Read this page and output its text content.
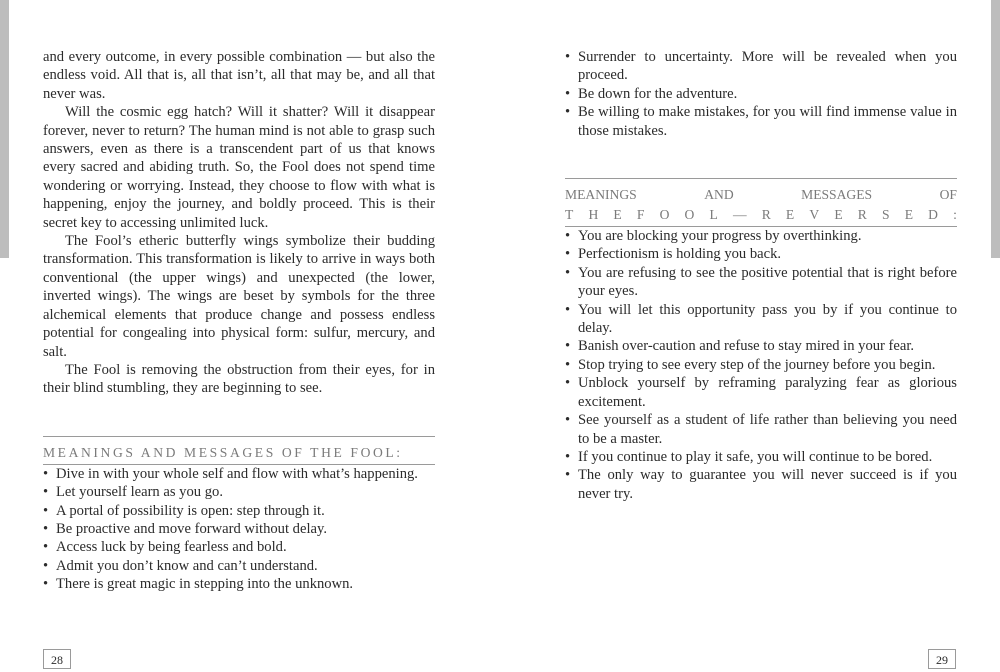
and every outcome, in every possible combination — but also the endless void. All that is, all that isn’t, all that may be, and all that never was.

Will the cosmic egg hatch? Will it shatter? Will it disappear forever, never to return? The human mind is not able to grasp such answers, even as there is a transcendent part of us that knows every sacred and abiding truth. So, the Fool does not spend time wondering or worrying. Instead, they choose to flow with what is happening, enjoy the journey, and boldly proceed. This is their secret key to accessing unlimited luck.

The Fool’s etheric butterfly wings symbolize their budding transformation. This transformation is likely to arrive in ways both conventional (the upper wings) and unexpected (the lower, inverted wings). The wings are beset by symbols for the three alchemical elements that produce change and possess endless potential for congealing into physical form: sulfur, mercury, and salt.

The Fool is removing the obstruction from their eyes, for in their blind stumbling, they are beginning to see.

MEANINGS AND MESSAGES OF THE FOOL:
• Dive in with your whole self and flow with what’s happening.
• Let yourself learn as you go.
• A portal of possibility is open: step through it.
• Be proactive and move forward without delay.
• Access luck by being fearless and bold.
• Admit you don’t know and can’t understand.
• There is great magic in stepping into the unknown.
• Surrender to uncertainty. More will be revealed when you proceed.
• Be down for the adventure.
• Be willing to make mistakes, for you will find immense value in those mistakes.
MEANINGS	AND	MESSAGES	OF
T H E F O O L — R E V E R S E D :
• You are blocking your progress by overthinking.
• Perfectionism is holding you back.
• You are refusing to see the positive potential that is right before your eyes.
• You will let this opportunity pass you by if you continue to delay.
• Banish over-caution and refuse to stay mired in your fear.
• Stop trying to see every step of the journey before you begin.
• Unblock yourself by reframing paralyzing fear as glorious excitement.
• See yourself as a student of life rather than believing you need to be a master.
• If you continue to play it safe, you will continue to be bored.
• The only way to guarantee you will never succeed is if you never try.
28	29
